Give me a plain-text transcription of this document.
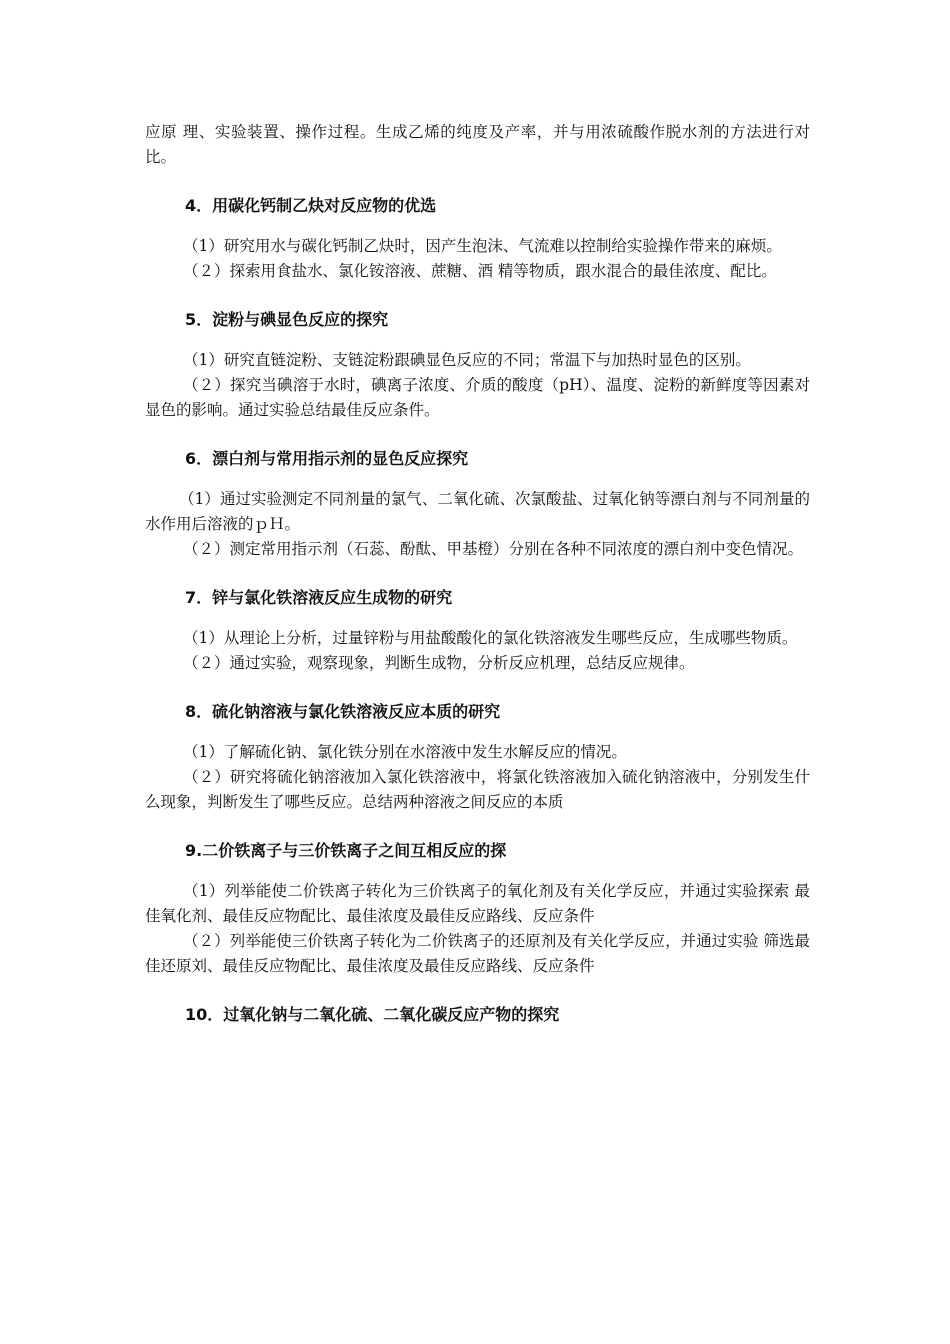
应原 理、实验装置、操作过程。生成乙烯的纯度及产率，并与用浓硫酸作脱水剂的方法进行对比。

4．用碳化钙制乙炔对反应物的优选

（1）研究用水与碳化钙制乙炔时，因产生泡沫、气流难以控制给实验操作带来的麻烦。

（２）探索用食盐水、氯化铵溶液、蔗糖、酒 精等物质，跟水混合的最佳浓度、配比。

5．淀粉与碘显色反应的探究

（1）研究直链淀粉、支链淀粉跟碘显色反应的不同；常温下与加热时显色的区别。

（２）探究当碘溶于水时，碘离子浓度、介质的酸度（pH）、温度、淀粉的新鲜度等因素对显色的影响。通过实验总结最佳反应条件。

6．漂白剂与常用指示剂的显色反应探究

（1）通过实验测定不同剂量的氯气、二氧化硫、次氯酸盐、过氧化钠等漂白剂与不同剂量的水作用后溶液的ｐＨ。

（２）测定常用指示剂（石蕊、酚酞、甲基橙）分别在各种不同浓度的漂白剂中变色情况。

7．锌与氯化铁溶液反应生成物的研究

（1）从理论上分析，过量锌粉与用盐酸酸化的氯化铁溶液发生哪些反应，生成哪些物质。

（２）通过实验，观察现象，判断生成物，分析反应机理，总结反应规律。

8．硫化钠溶液与氯化铁溶液反应本质的研究

（1）了解硫化钠、氯化铁分别在水溶液中发生水解反应的情况。

（２）研究将硫化钠溶液加入氯化铁溶液中，将氯化铁溶液加入硫化钠溶液中，分别发生什么现象，判断发生了哪些反应。总结两种溶液之间反应的本质

9.二价铁离子与三价铁离子之间互相反应的探

（1）列举能使二价铁离子转化为三价铁离子的氧化剂及有关化学反应，并通过实验探索 最佳氧化剂、最佳反应物配比、最佳浓度及最佳反应路线、反应条件

（２）列举能使三价铁离子转化为二价铁离子的还原剂及有关化学反应，并通过实验 筛选最佳还原刘、最佳反应物配比、最佳浓度及最佳反应路线、反应条件

10．过氧化钠与二氧化硫、二氧化碳反应产物的探究
